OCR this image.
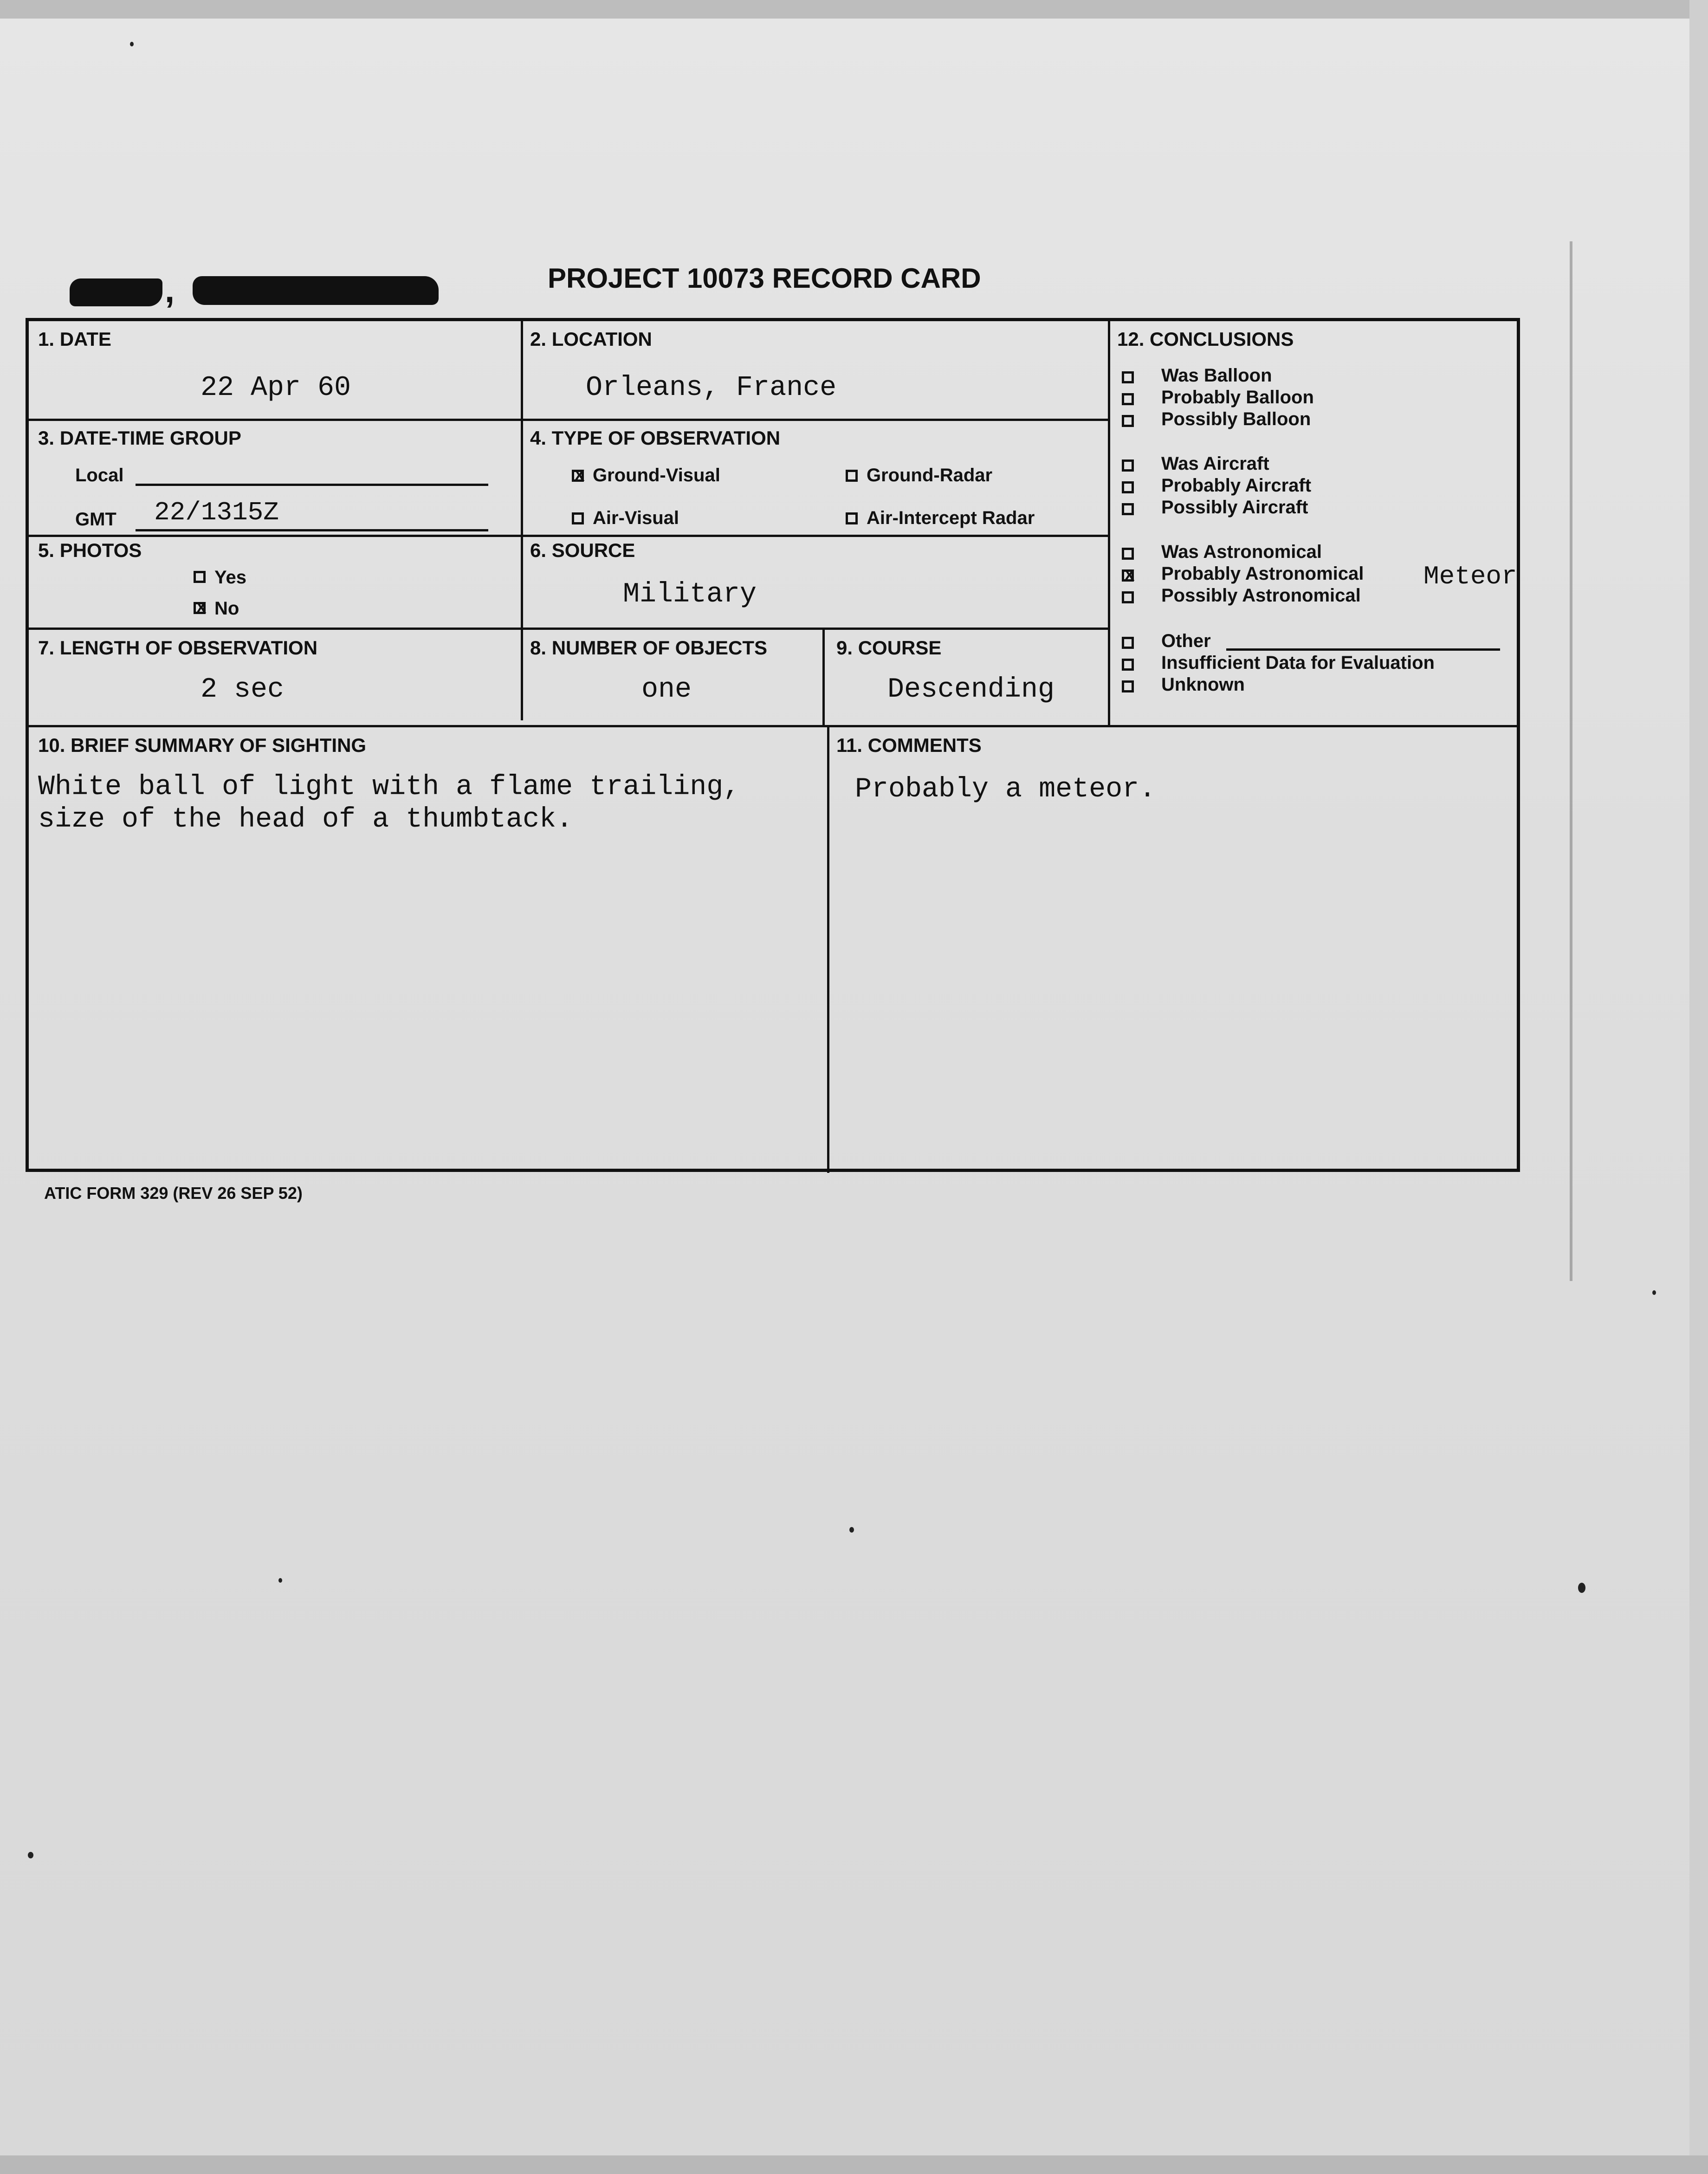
,	PROJECT 10073 RECORD CARD
1. DATE
22 Apr 60
2. LOCATION
Orleans, France
3. DATE-TIME GROUP
Local
GMT 22/1315Z
4. TYPE OF OBSERVATION
X Ground-Visual	Ground-Radar
Air-Visual	Air-Intercept Radar
5. PHOTOS
Yes
X No
6. SOURCE
Military
7. LENGTH OF OBSERVATION
2 sec
8. NUMBER OF OBJECTS
one
9. COURSE
Descending
10. BRIEF SUMMARY OF SIGHTING
White ball of light with a flame trailing,
size of the head of a thumbtack.
11. COMMENTS
Probably a meteor.
12. CONCLUSIONS
Was Balloon
Probably Balloon
Possibly Balloon
Was Aircraft
Probably Aircraft
Possibly Aircraft
Was Astronomical
X Probably Astronomical Meteor
Possibly Astronomical
Other
Insufficient Data for Evaluation
Unknown
ATIC FORM 329 (REV 26 SEP 52)
